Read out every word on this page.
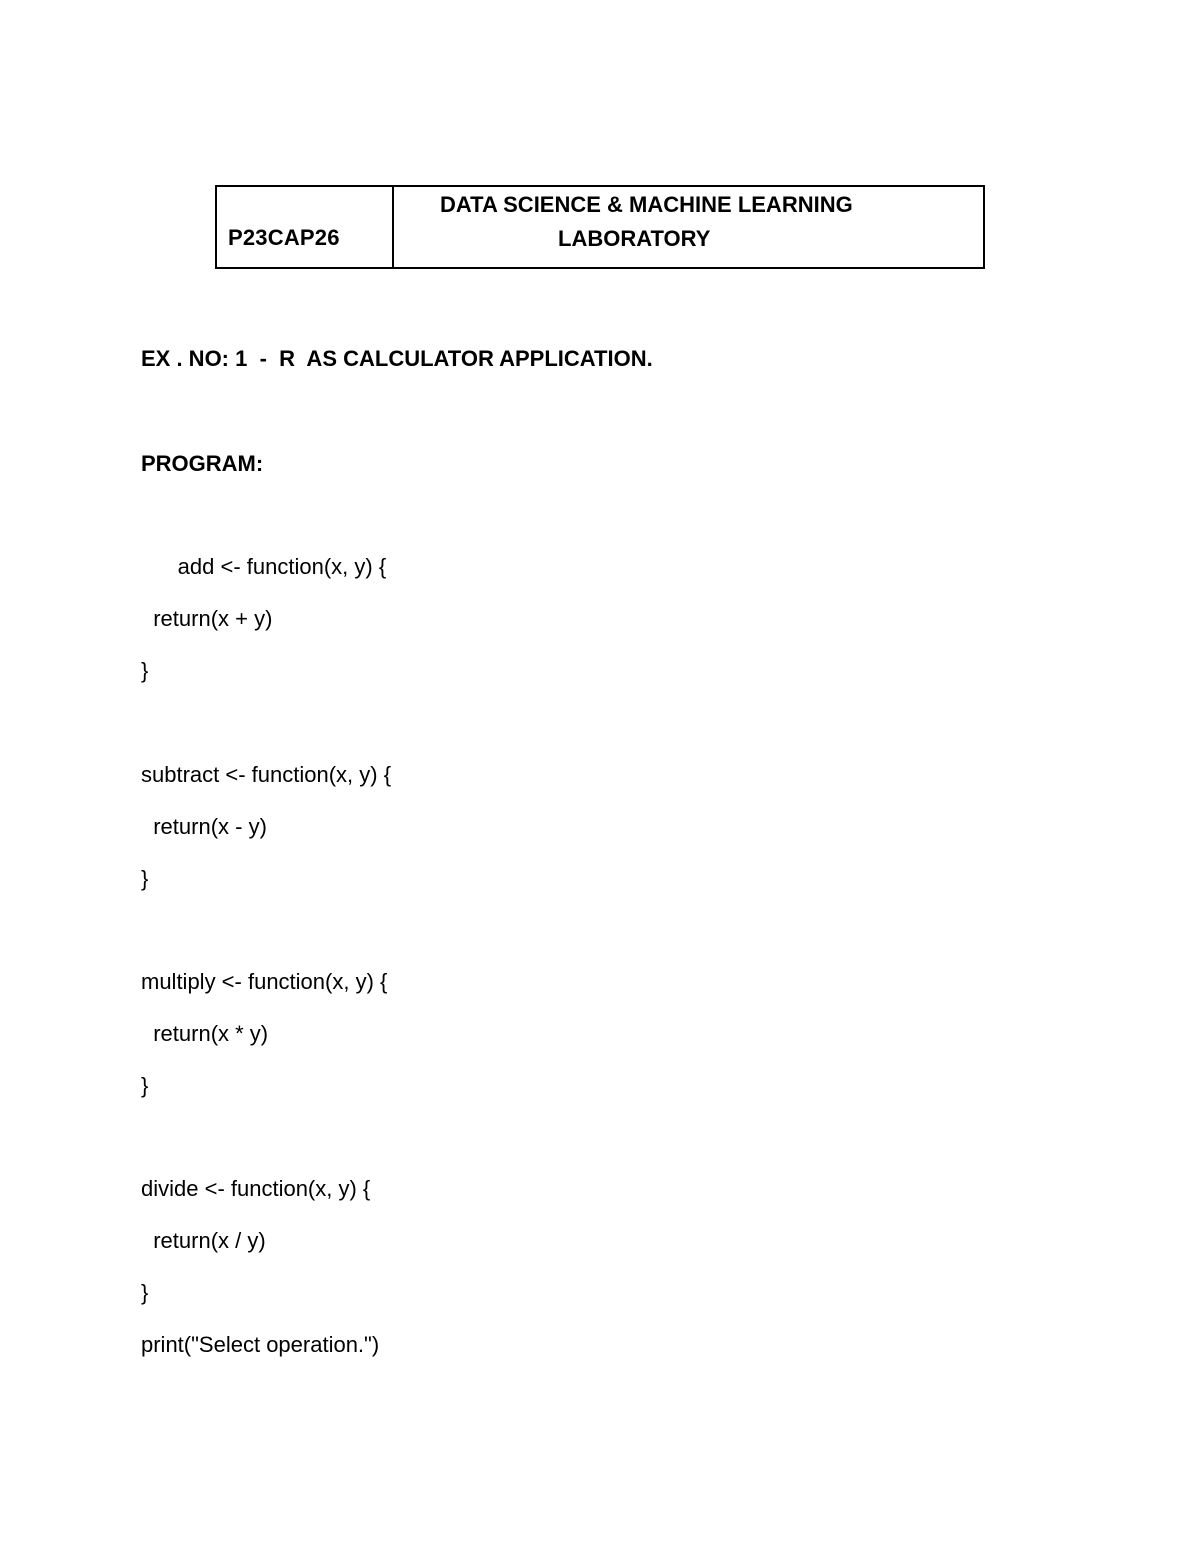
P23CAP26

DATA SCIENCE & MACHINE LEARNING
LABORATORY
EX . NO: 1  -  R  AS CALCULATOR APPLICATION.
PROGRAM:
add <- function(x, y) {
return(x + y)
}
subtract <- function(x, y) {
return(x - y)
}
multiply <- function(x, y) {
return(x * y)
}
divide <- function(x, y) {
return(x / y)
}
print("Select operation.")
